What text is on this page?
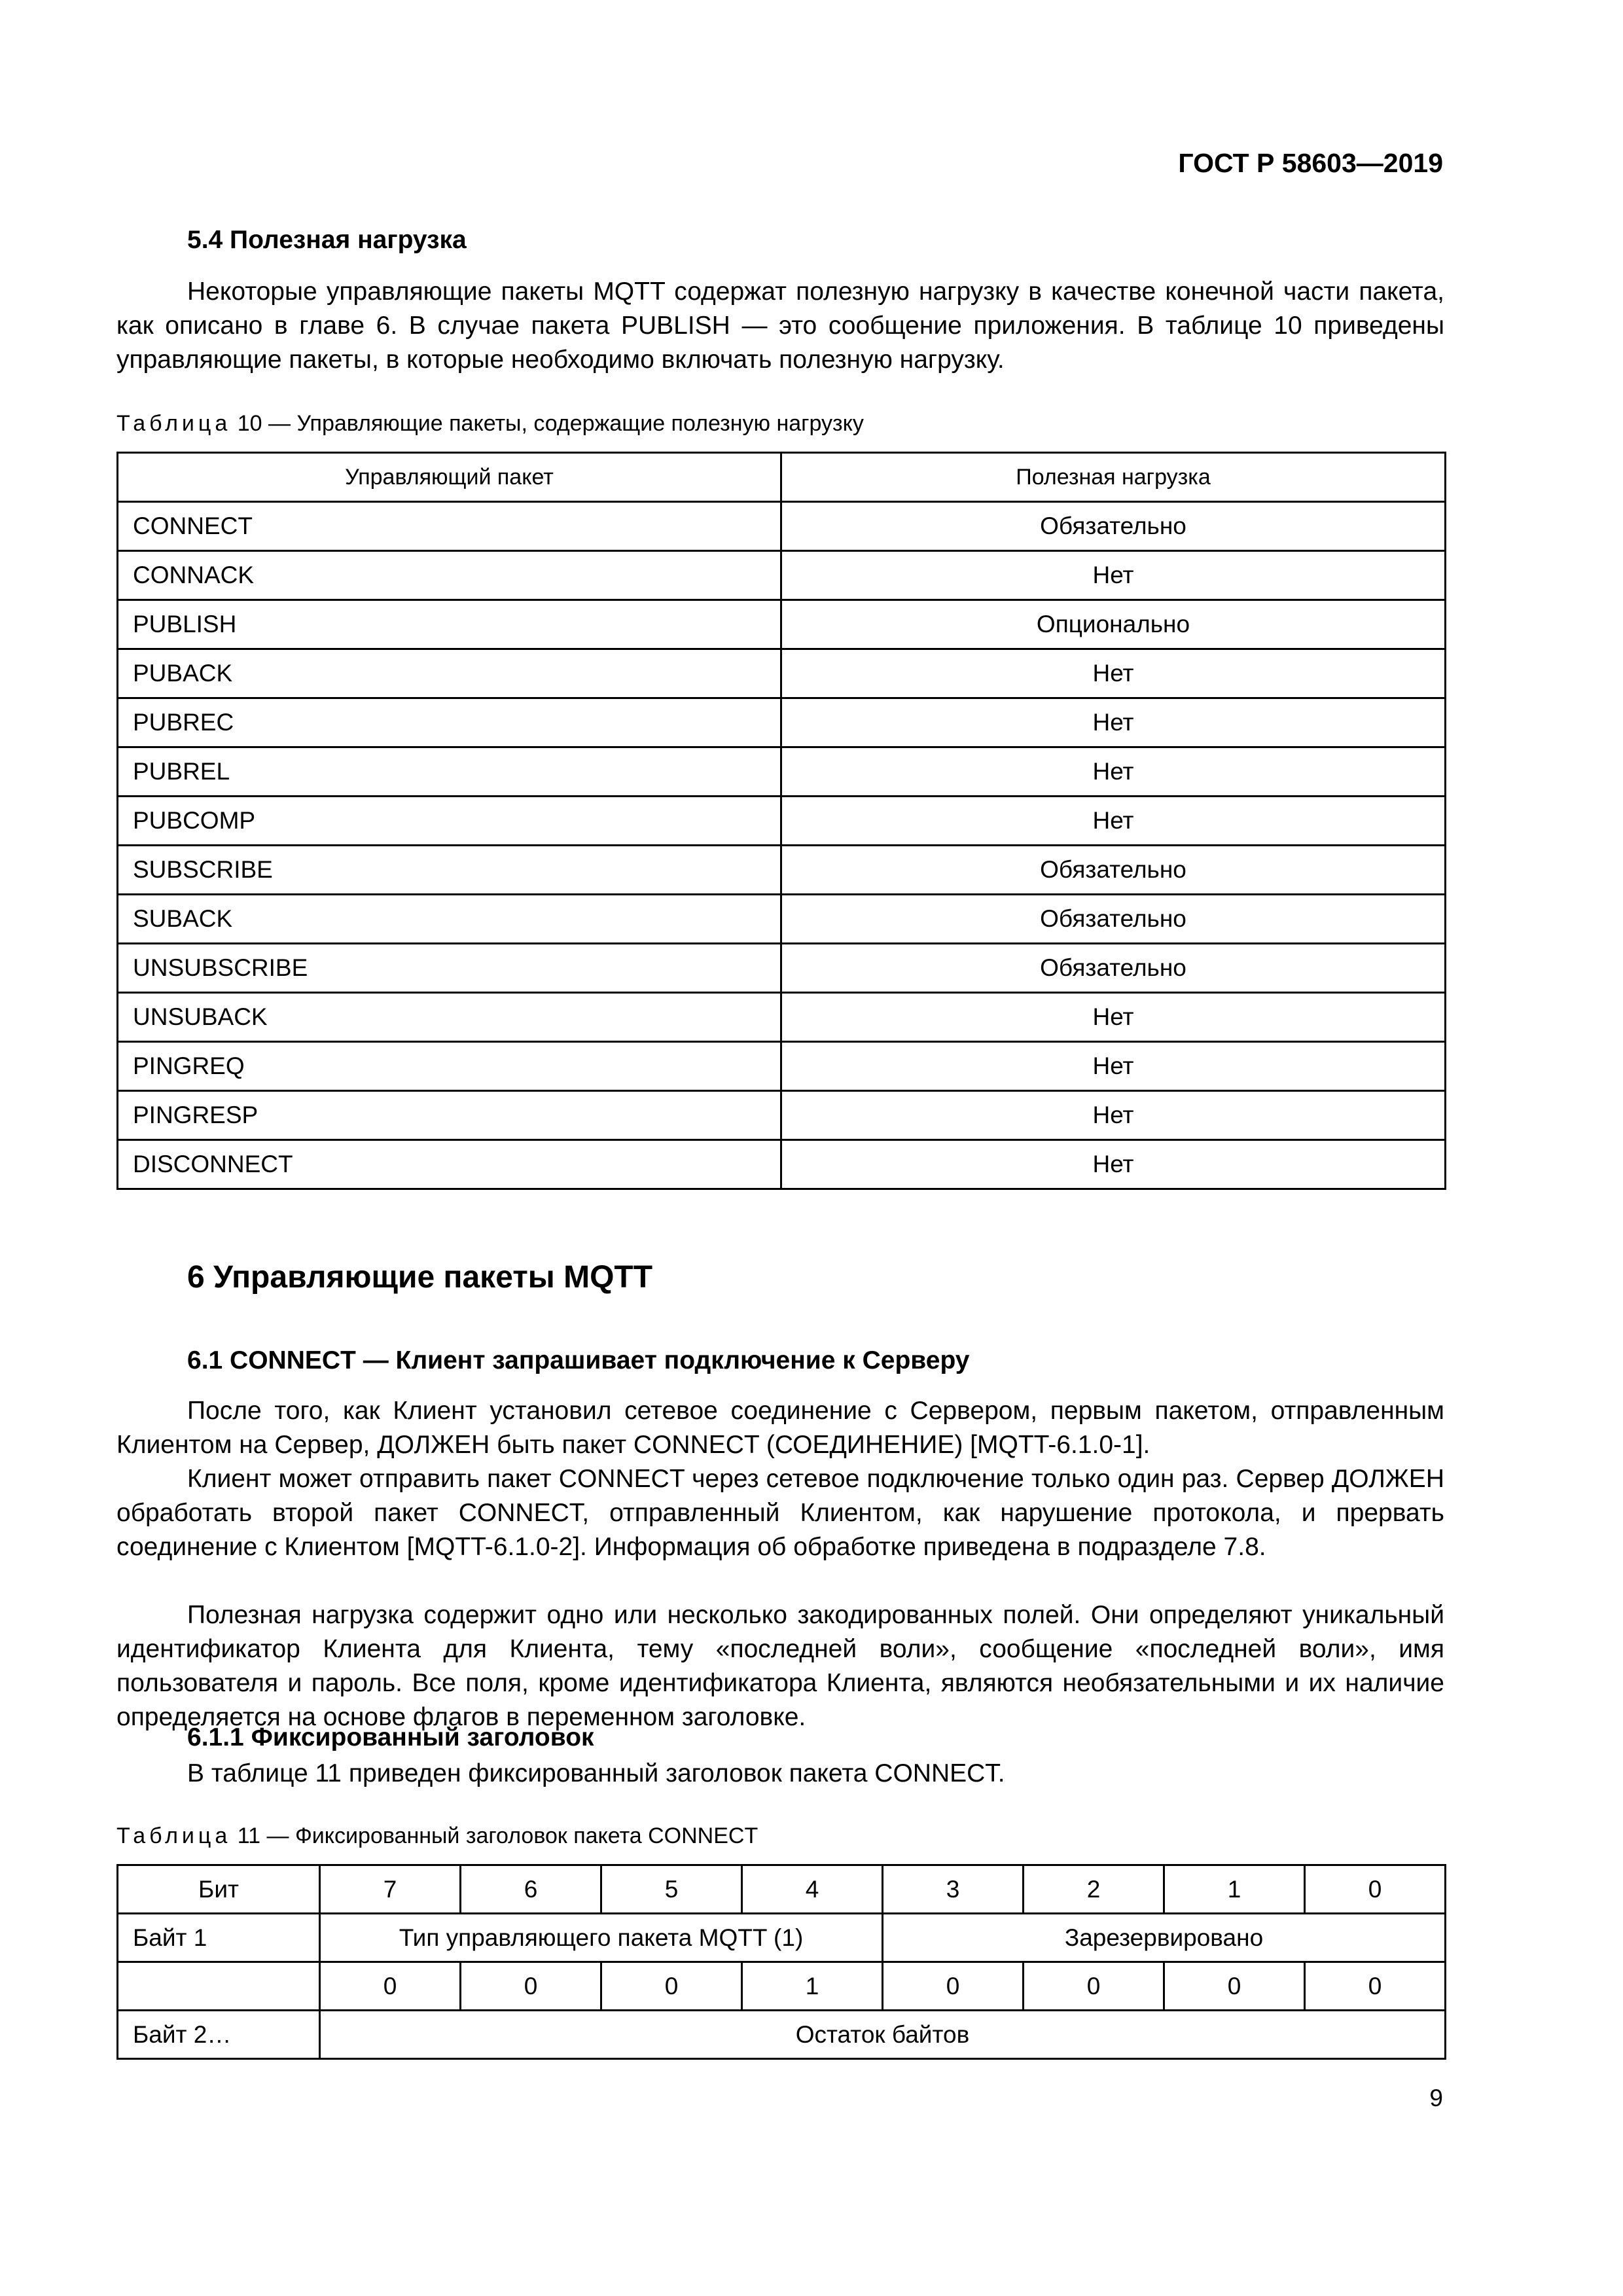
ГОСТ Р 58603—2019
5.4 Полезная нагрузка
Некоторые управляющие пакеты MQTT содержат полезную нагрузку в качестве конечной части пакета, как описано в главе 6. В случае пакета PUBLISH — это сообщение приложения. В таблице 10 приведены управляющие пакеты, в которые необходимо включать полезную нагрузку.
Таблица 10 — Управляющие пакеты, содержащие полезную нагрузку
Управляющий пакет	Полезная нагрузка
CONNECT	Обязательно
CONNACK	Нет
PUBLISH	Опционально
PUBACK	Нет
PUBREC	Нет
PUBREL	Нет
PUBCOMP	Нет
SUBSCRIBE	Обязательно
SUBACK	Обязательно
UNSUBSCRIBE	Обязательно
UNSUBACK	Нет
PINGREQ	Нет
PINGRESP	Нет
DISCONNECT	Нет
6 Управляющие пакеты MQTT
6.1 CONNECT — Клиент запрашивает подключение к Серверу
После того, как Клиент установил сетевое соединение с Сервером, первым пакетом, отправленным Клиентом на Сервер, ДОЛЖЕН быть пакет CONNECT (СОЕДИНЕНИЕ) [MQTT-6.1.0-1].
Клиент может отправить пакет CONNECT через сетевое подключение только один раз. Сервер ДОЛЖЕН обработать второй пакет CONNECT, отправленный Клиентом, как нарушение протокола, и прервать соединение с Клиентом [MQTT-6.1.0-2]. Информация об обработке приведена в подразделе 7.8.
Полезная нагрузка содержит одно или несколько закодированных полей. Они определяют уникальный идентификатор Клиента для Клиента, тему «последней воли», сообщение «последней воли», имя пользователя и пароль. Все поля, кроме идентификатора Клиента, являются необязательными и их наличие определяется на основе флагов в переменном заголовке.
6.1.1 Фиксированный заголовок
В таблице 11 приведен фиксированный заголовок пакета CONNECT.
Таблица 11 — Фиксированный заголовок пакета CONNECT
Бит	7	6	5	4	3	2	1	0
Байт 1	Тип управляющего пакета MQTT (1)				Зарезервировано			
	0	0	0	1	0	0	0	0
Байт 2…	Остаток байтов							
9
